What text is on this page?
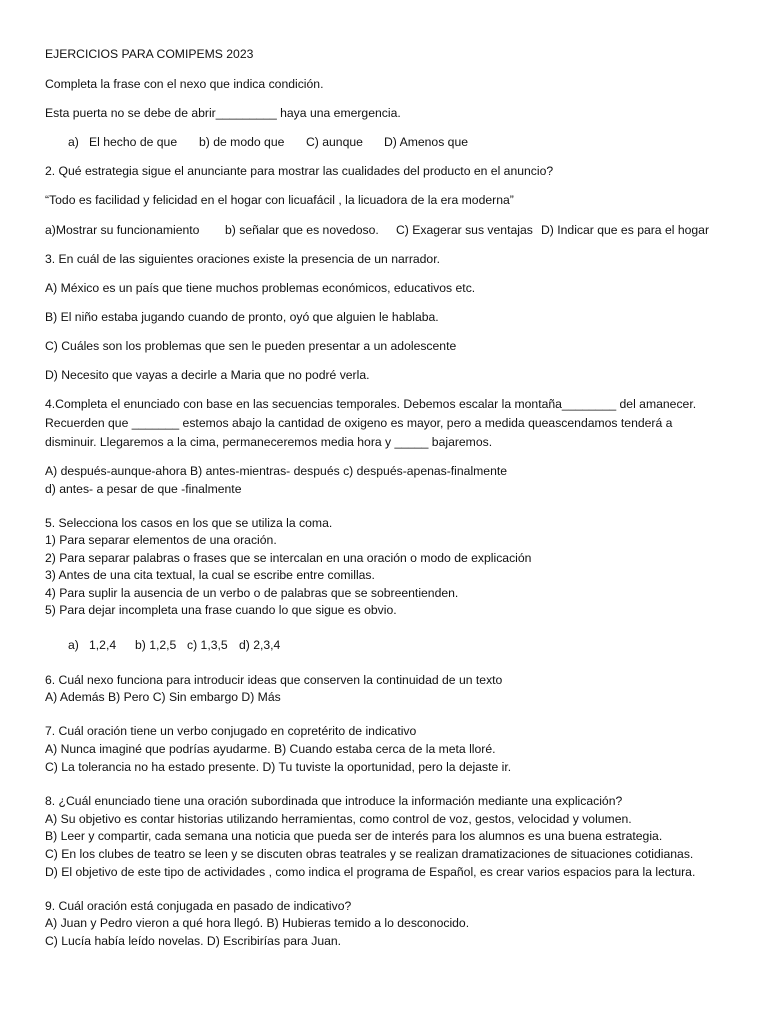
EJERCICIOS PARA COMIPEMS 2023
Completa la frase con el nexo que indica condición.
Esta puerta no se debe de abrir_________ haya una emergencia.
a) El hecho de que b) de modo que C) aunque D) Amenos que
2. Qué estrategia sigue el anunciante para mostrar las cualidades del producto en el anuncio?
“Todo es facilidad y felicidad en el hogar con licuafácil , la licuadora de la era moderna”
a)Mostrar su funcionamiento b) señalar que es novedoso. C) Exagerar sus ventajas D) Indicar que es para el hogar
3. En cuál de las siguientes oraciones existe la presencia de un narrador.
A) México es un país que tiene muchos problemas económicos, educativos etc.
B) El niño estaba jugando cuando de pronto, oyó que alguien le hablaba.
C) Cuáles son los problemas que sen le pueden presentar a un adolescente
D) Necesito que vayas a decirle a Maria que no podré verla.
4.Completa el enunciado con base en las secuencias temporales. Debemos escalar la montaña________ del amanecer.
Recuerden que _______ estemos abajo la cantidad de oxigeno es mayor, pero a medida queascendamos tenderá a
disminuir. Llegaremos a la cima, permaneceremos media hora y _____ bajaremos.
A) después-aunque-ahora B) antes-mientras- después c) después-apenas-finalmente
d) antes- a pesar de que -finalmente
5. Selecciona los casos en los que se utiliza la coma.
1) Para separar elementos de una oración.
2) Para separar palabras o frases que se intercalan en una oración o modo de explicación
3) Antes de una cita textual, la cual se escribe entre comillas.
4) Para suplir la ausencia de un verbo o de palabras que se sobreentienden.
5) Para dejar incompleta una frase cuando lo que sigue es obvio.
a) 1,2,4 b) 1,2,5 c) 1,3,5 d) 2,3,4
6. Cuál nexo funciona para introducir ideas que conserven la continuidad de un texto
A) Además B) Pero C) Sin embargo D) Más
7. Cuál oración tiene un verbo conjugado en copretérito de indicativo
A) Nunca imaginé que podrías ayudarme. B) Cuando estaba cerca de la meta lloré.
C) La tolerancia no ha estado presente. D) Tu tuviste la oportunidad, pero la dejaste ir.
8. ¿Cuál enunciado tiene una oración subordinada que introduce la información mediante una explicación?
A) Su objetivo es contar historias utilizando herramientas, como control de voz, gestos, velocidad y volumen.
B) Leer y compartir, cada semana una noticia que pueda ser de interés para los alumnos es una buena estrategia.
C) En los clubes de teatro se leen y se discuten obras teatrales y se realizan dramatizaciones de situaciones cotidianas.
D) El objetivo de este tipo de actividades , como indica el programa de Español, es crear varios espacios para la lectura.
9. Cuál oración está conjugada en pasado de indicativo?
A) Juan y Pedro vieron a qué hora llegó. B) Hubieras temido a lo desconocido.
C) Lucía había leído novelas. D) Escribirías para Juan.
